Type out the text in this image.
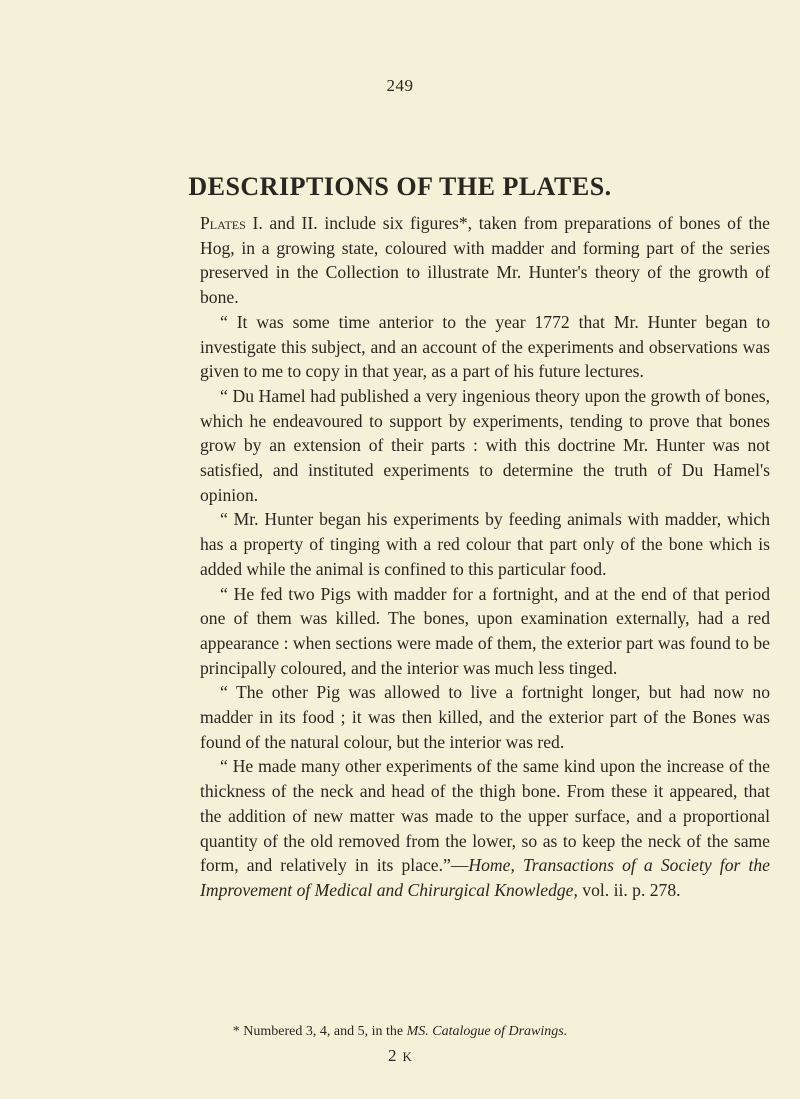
249
DESCRIPTIONS OF THE PLATES.

Plates I. and II. include six figures*, taken from preparations of bones of the Hog, in a growing state, coloured with madder and forming part of the series preserved in the Collection to illustrate Mr. Hunter's theory of the growth of bone.

“ It was some time anterior to the year 1772 that Mr. Hunter began to investigate this subject, and an account of the experiments and observations was given to me to copy in that year, as a part of his future lectures.

“ Du Hamel had published a very ingenious theory upon the growth of bones, which he endeavoured to support by experiments, tending to prove that bones grow by an extension of their parts : with this doctrine Mr. Hunter was not satisfied, and instituted experiments to determine the truth of Du Hamel's opinion.

“ Mr. Hunter began his experiments by feeding animals with madder, which has a property of tinging with a red colour that part only of the bone which is added while the animal is confined to this particular food.

“ He fed two Pigs with madder for a fortnight, and at the end of that period one of them was killed. The bones, upon examination externally, had a red appearance : when sections were made of them, the exterior part was found to be principally coloured, and the interior was much less tinged.

“ The other Pig was allowed to live a fortnight longer, but had now no madder in its food ; it was then killed, and the exterior part of the Bones was found of the natural colour, but the interior was red.

“ He made many other experiments of the same kind upon the increase of the thickness of the neck and head of the thigh bone. From these it appeared, that the addition of new matter was made to the upper surface, and a proportional quantity of the old removed from the lower, so as to keep the neck of the same form, and relatively in its place.”—Home, Transactions of a Society for the Improvement of Medical and Chirurgical Knowledge, vol. ii. p. 278.

* Numbered 3, 4, and 5, in the MS. Catalogue of Drawings.
2 K
